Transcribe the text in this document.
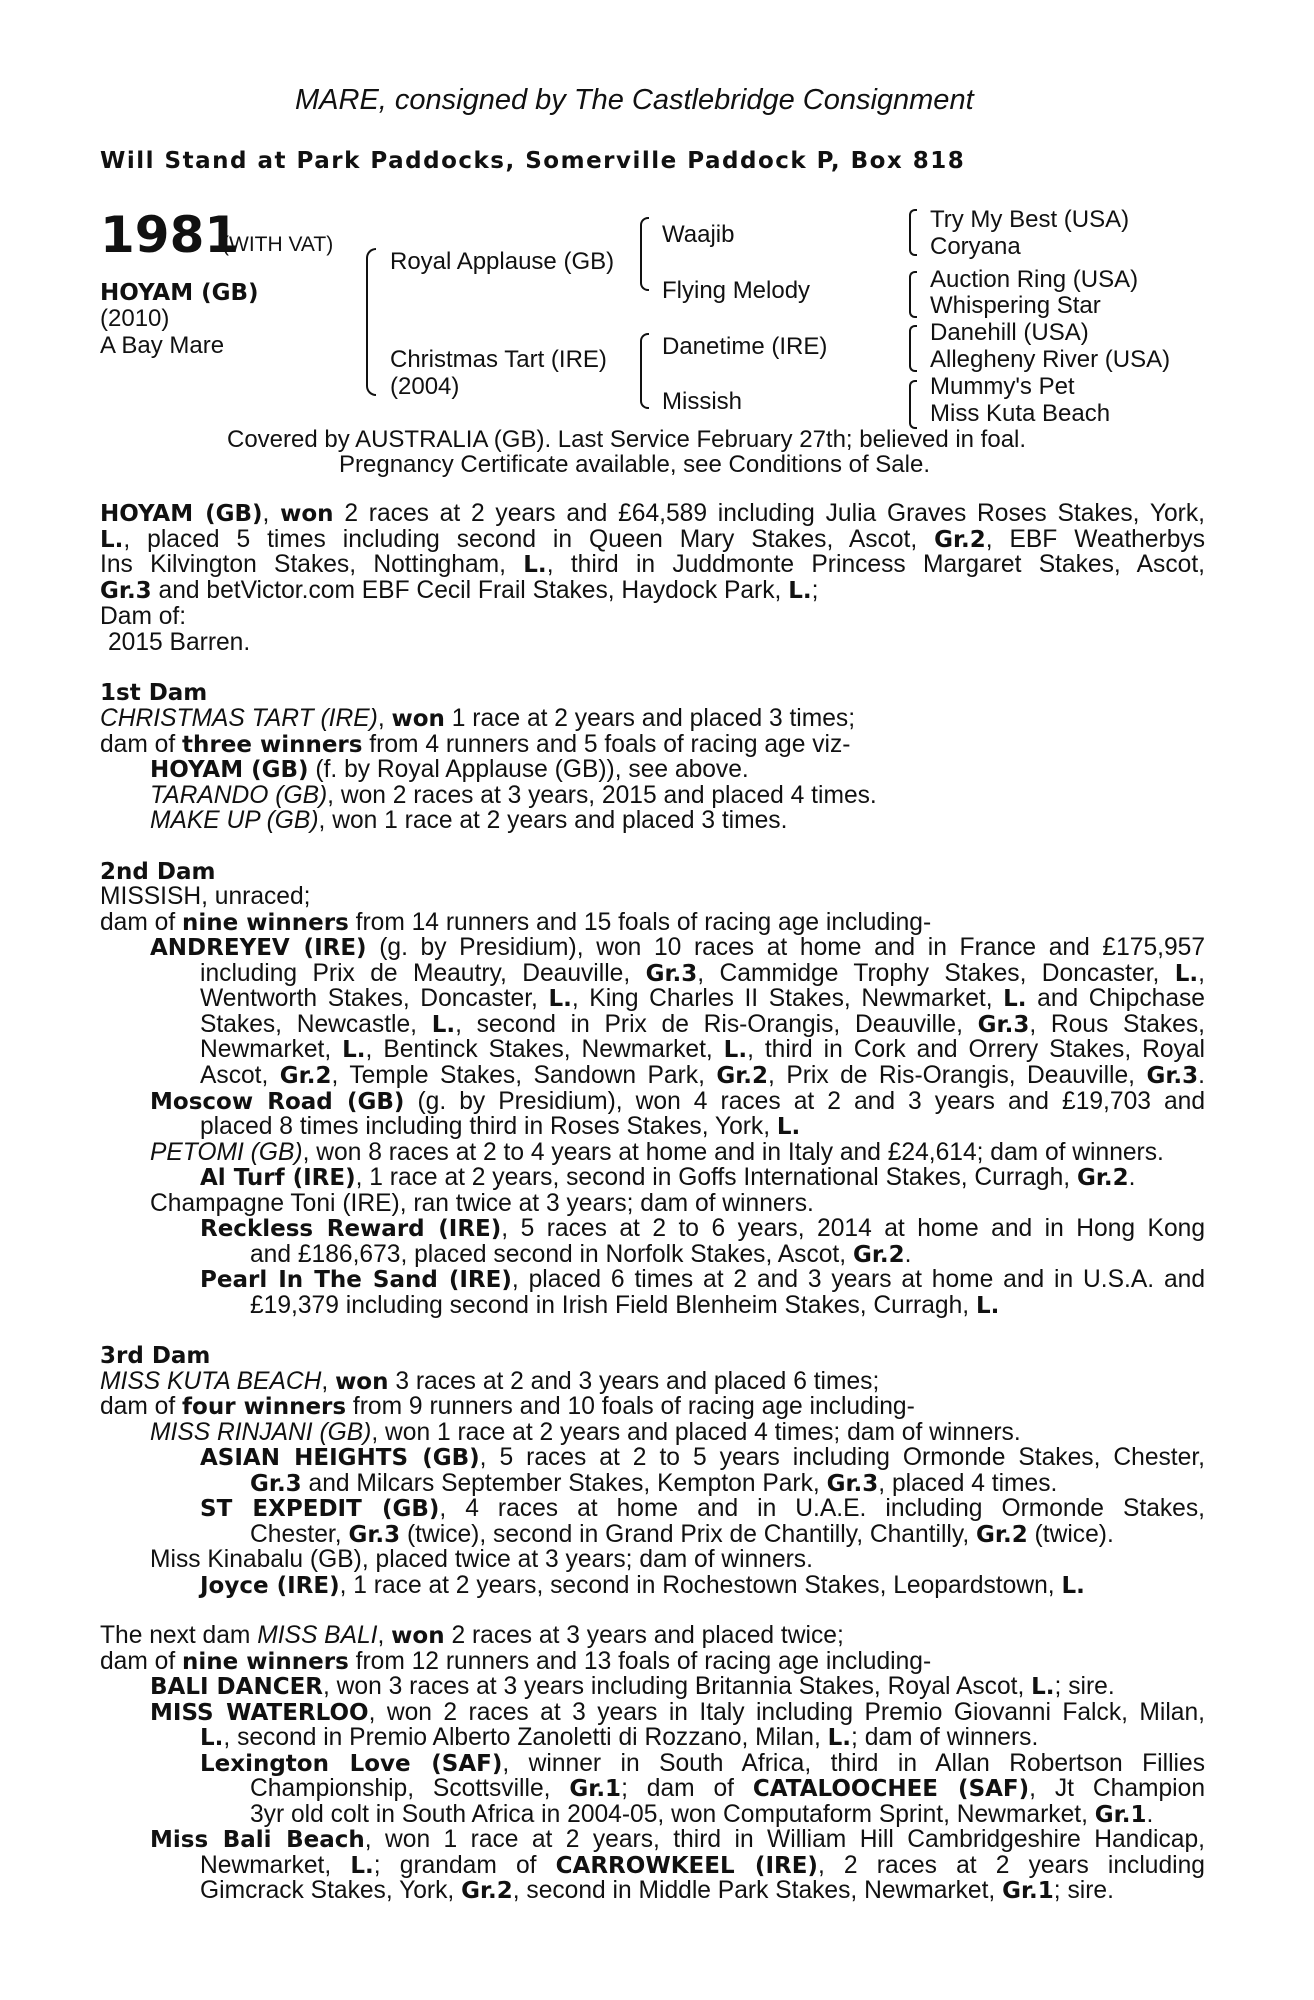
MARE, consigned by The Castlebridge Consignment
Will Stand at Park Paddocks, Somerville Paddock P, Box 818
1981
(WITH VAT)
HOYAM (GB)
(2010)
A Bay Mare
Royal Applause (GB)
Christmas Tart (IRE)
(2004)
Waajib
Flying Melody
Danetime (IRE)
Missish
Try My Best (USA)
Coryana
Auction Ring (USA)
Whispering Star
Danehill (USA)
Allegheny River (USA)
Mummy's Pet
Miss Kuta Beach
Covered by AUSTRALIA (GB). Last Service February 27th; believed in foal.
Pregnancy Certificate available, see Conditions of Sale.
HOYAM (GB), won 2 races at 2 years and £64,589 including Julia Graves Roses Stakes, York,
L., placed 5 times including second in Queen Mary Stakes, Ascot, Gr.2, EBF Weatherbys
Ins Kilvington Stakes, Nottingham, L., third in Juddmonte Princess Margaret Stakes, Ascot,
Gr.3 and betVictor.com EBF Cecil Frail Stakes, Haydock Park, L.;
Dam of:
2015 Barren.
1st Dam
CHRISTMAS TART (IRE), won 1 race at 2 years and placed 3 times;
dam of three winners from 4 runners and 5 foals of racing age viz-
HOYAM (GB) (f. by Royal Applause (GB)), see above.
TARANDO (GB), won 2 races at 3 years, 2015 and placed 4 times.
MAKE UP (GB), won 1 race at 2 years and placed 3 times.
2nd Dam
MISSISH, unraced;
dam of nine winners from 14 runners and 15 foals of racing age including-
ANDREYEV (IRE) (g. by Presidium), won 10 races at home and in France and £175,957
including Prix de Meautry, Deauville, Gr.3, Cammidge Trophy Stakes, Doncaster, L.,
Wentworth Stakes, Doncaster, L., King Charles II Stakes, Newmarket, L. and Chipchase
Stakes, Newcastle, L., second in Prix de Ris-Orangis, Deauville, Gr.3, Rous Stakes,
Newmarket, L., Bentinck Stakes, Newmarket, L., third in Cork and Orrery Stakes, Royal
Ascot, Gr.2, Temple Stakes, Sandown Park, Gr.2, Prix de Ris-Orangis, Deauville, Gr.3.
Moscow Road (GB) (g. by Presidium), won 4 races at 2 and 3 years and £19,703 and
placed 8 times including third in Roses Stakes, York, L.
PETOMI (GB), won 8 races at 2 to 4 years at home and in Italy and £24,614; dam of winners.
Al Turf (IRE), 1 race at 2 years, second in Goffs International Stakes, Curragh, Gr.2.
Champagne Toni (IRE), ran twice at 3 years; dam of winners.
Reckless Reward (IRE), 5 races at 2 to 6 years, 2014 at home and in Hong Kong
and £186,673, placed second in Norfolk Stakes, Ascot, Gr.2.
Pearl In The Sand (IRE), placed 6 times at 2 and 3 years at home and in U.S.A. and
£19,379 including second in Irish Field Blenheim Stakes, Curragh, L.
3rd Dam
MISS KUTA BEACH, won 3 races at 2 and 3 years and placed 6 times;
dam of four winners from 9 runners and 10 foals of racing age including-
MISS RINJANI (GB), won 1 race at 2 years and placed 4 times; dam of winners.
ASIAN HEIGHTS (GB), 5 races at 2 to 5 years including Ormonde Stakes, Chester,
Gr.3 and Milcars September Stakes, Kempton Park, Gr.3, placed 4 times.
ST EXPEDIT (GB), 4 races at home and in U.A.E. including Ormonde Stakes,
Chester, Gr.3 (twice), second in Grand Prix de Chantilly, Chantilly, Gr.2 (twice).
Miss Kinabalu (GB), placed twice at 3 years; dam of winners.
Joyce (IRE), 1 race at 2 years, second in Rochestown Stakes, Leopardstown, L.
The next dam MISS BALI, won 2 races at 3 years and placed twice;
dam of nine winners from 12 runners and 13 foals of racing age including-
BALI DANCER, won 3 races at 3 years including Britannia Stakes, Royal Ascot, L.; sire.
MISS WATERLOO, won 2 races at 3 years in Italy including Premio Giovanni Falck, Milan,
L., second in Premio Alberto Zanoletti di Rozzano, Milan, L.; dam of winners.
Lexington Love (SAF), winner in South Africa, third in Allan Robertson Fillies
Championship, Scottsville, Gr.1; dam of CATALOOCHEE (SAF), Jt Champion
3yr old colt in South Africa in 2004-05, won Computaform Sprint, Newmarket, Gr.1.
Miss Bali Beach, won 1 race at 2 years, third in William Hill Cambridgeshire Handicap,
Newmarket, L.; grandam of CARROWKEEL (IRE), 2 races at 2 years including
Gimcrack Stakes, York, Gr.2, second in Middle Park Stakes, Newmarket, Gr.1; sire.
